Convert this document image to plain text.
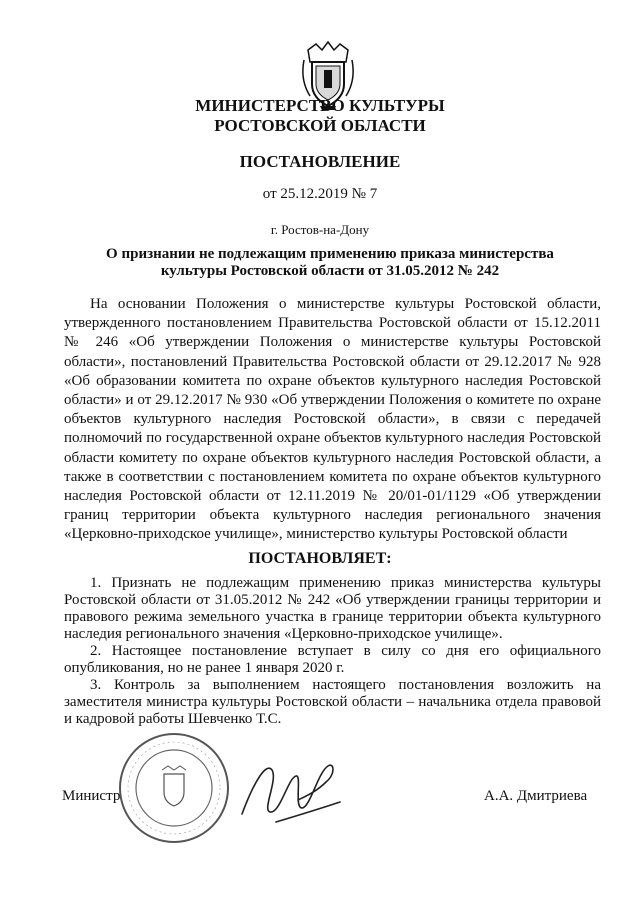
МИНИСТЕРСТВО КУЛЬТУРЫ
РОСТОВСКОЙ ОБЛАСТИ
ПОСТАНОВЛЕНИЕ
от 25.12.2019 № 7
г. Ростов-на-Дону
О признании не подлежащим применению приказа министерства
культуры Ростовской области от 31.05.2012 № 242

На основании Положения о министерстве культуры Ростовской области, утвержденного постановлением Правительства Ростовской области от 15.12.2011 № 246 «Об утверждении Положения о министерстве культуры Ростовской области», постановлений Правительства Ростовской области от 29.12.2017 № 928 «Об образовании комитета по охране объектов культурного наследия Ростовской области» и от 29.12.2017 № 930 «Об утверждении Положения о комитете по охране объектов культурного наследия Ростовской области», в связи с передачей полномочий по государственной охране объектов культурного наследия Ростовской области комитету по охране объектов культурного наследия Ростовской области, а также в соответствии с постановлением комитета по охране объектов культурного наследия Ростовской области от 12.11.2019 № 20/01-01/1129 «Об утверждении границ территории объекта культурного наследия регионального значения «Церковно-приходское училище», министерство культуры Ростовской области

ПОСТАНОВЛЯЕТ:
1. Признать не подлежащим применению приказ министерства культуры Ростовской области от 31.05.2012 № 242 «Об утверждении границы территории и правового режима земельного участка в границе территории объекта культурного наследия регионального значения «Церковно-приходское училище».
2. Настоящее постановление вступает в силу со дня его официального опубликования, но не ранее 1 января 2020 г.
3. Контроль за выполнением настоящего постановления возложить на заместителя министра культуры Ростовской области – начальника отдела правовой и кадровой работы Шевченко Т.С.
Министр	А.А. Дмитриева
